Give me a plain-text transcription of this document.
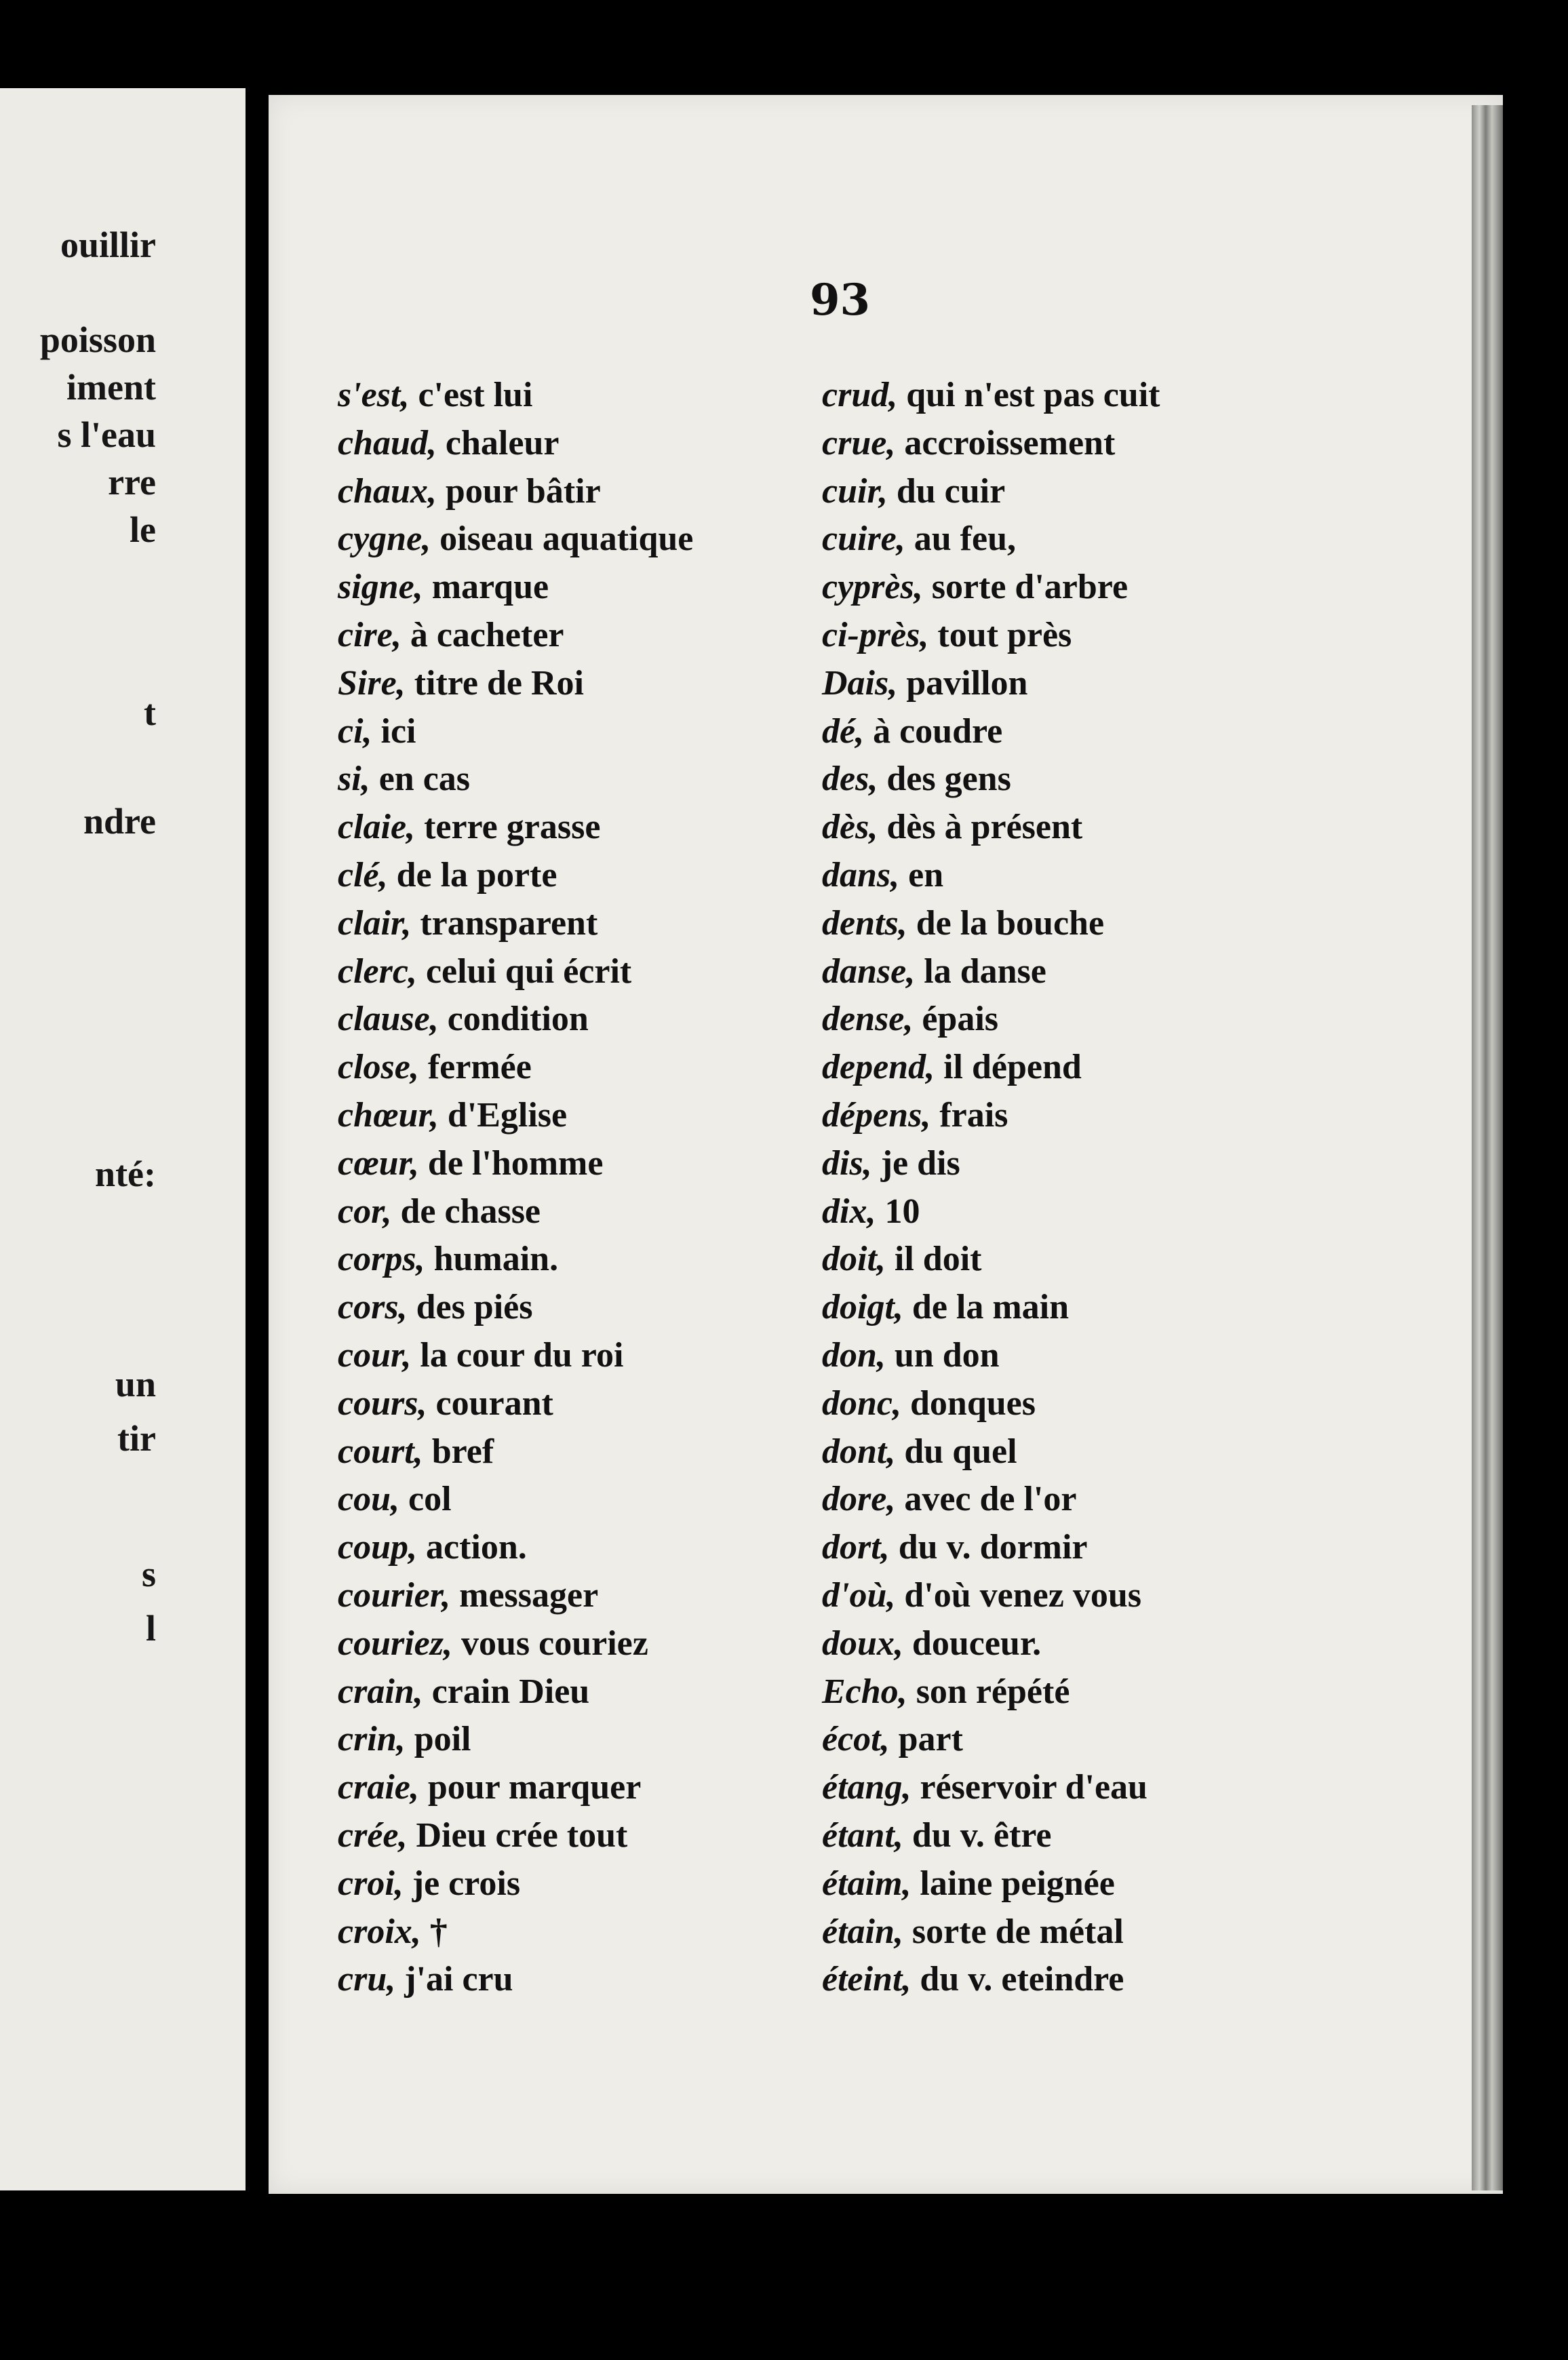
ouillir
poisson
iment
s l'eau
rre
le
t
ndre
nté:
un
tir
s
l
93
s'est, c'est lui
chaud, chaleur
chaux, pour bâtir
cygne, oiseau aquatique
signe, marque
cire, à cacheter
Sire, titre de Roi
ci, ici
si, en cas
claie, terre grasse
clé, de la porte
clair, transparent
clerc, celui qui écrit
clause, condition
close, fermée
chœur, d'Eglise
cœur, de l'homme
cor, de chasse
corps, humain.
cors, des piés
cour, la cour du roi
cours, courant
court, bref
cou, col
coup, action.
courier, messager
couriez, vous couriez
crain, crain Dieu
crin, poil
craie, pour marquer
crée, Dieu crée tout
croi, je crois
croix, †
cru, j'ai cru
crud, qui n'est pas cuit
crue, accroissement
cuir, du cuir
cuire, au feu,
cyprès, sorte d'arbre
ci-près, tout près
Dais, pavillon
dé, à coudre
des, des gens
dès, dès à présent
dans, en
dents, de la bouche
danse, la danse
dense, épais
depend, il dépend
dépens, frais
dis, je dis
dix, 10
doit, il doit
doigt, de la main
don, un don
donc, donques
dont, du quel
dore, avec de l'or
dort, du v. dormir
d'où, d'où venez vous
doux, douceur.
Echo, son répété
écot, part
étang, réservoir d'eau
étant, du v. être
étaim, laine peignée
étain, sorte de métal
éteint, du v. eteindre
